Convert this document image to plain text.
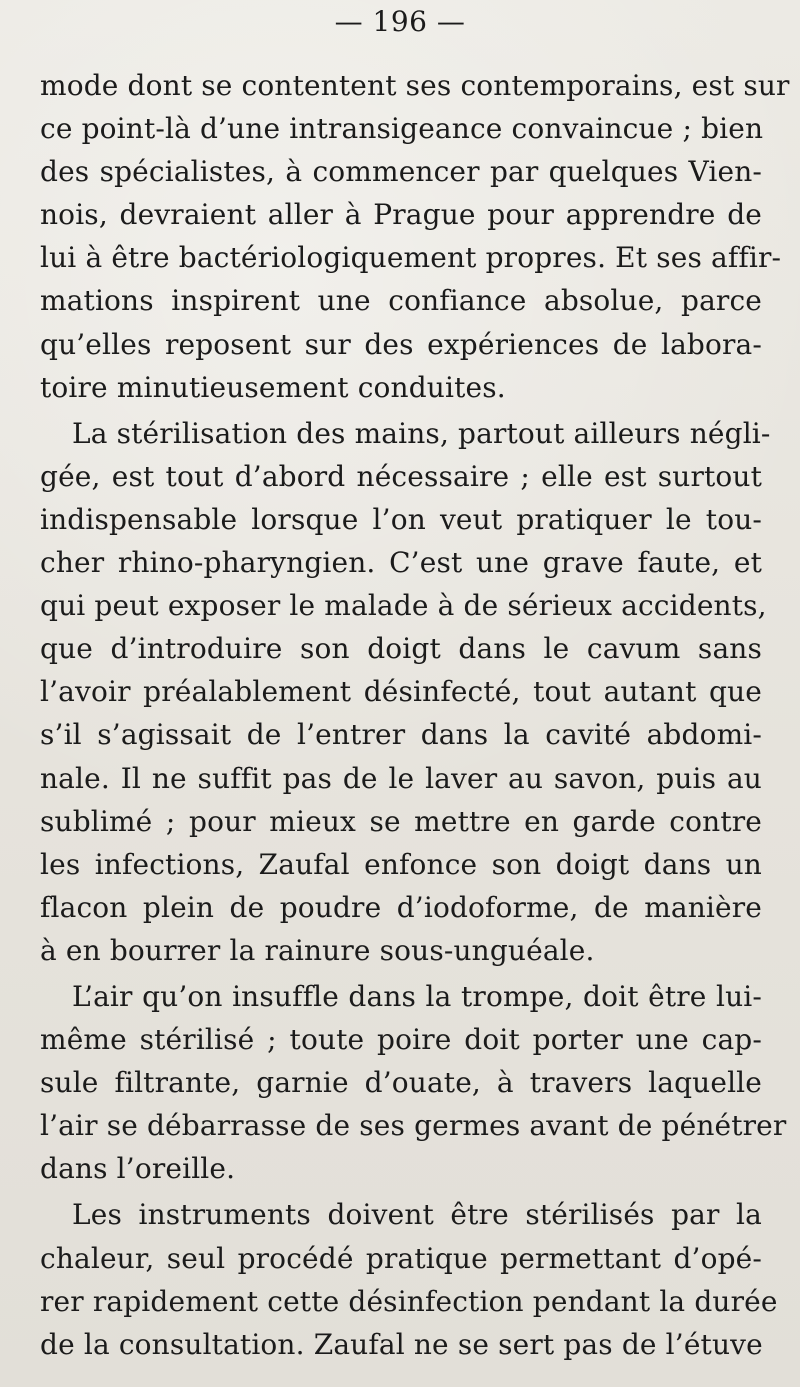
— 196 —

mode dont se contentent ses contemporains, est sur
ce point-là d’une intransigeance convaincue ; bien
des spécialistes, à commencer par quelques Vien-
nois, devraient aller à Prague pour apprendre de
lui à être bactériologiquement propres. Et ses affir-
mations inspirent une confiance absolue, parce
qu’elles reposent sur des expériences de labora-
toire minutieusement conduites.

La stérilisation des mains, partout ailleurs négli-
gée, est tout d’abord nécessaire ; elle est surtout
indispensable lorsque l’on veut pratiquer le tou-
cher rhino-pharyngien. C’est une grave faute, et
qui peut exposer le malade à de sérieux accidents,
que d’introduire son doigt dans le cavum sans
l’avoir préalablement désinfecté, tout autant que
s’il s’agissait de l’entrer dans la cavité abdomi-
nale. Il ne suffit pas de le laver au savon, puis au
sublimé ; pour mieux se mettre en garde contre
les infections, Zaufal enfonce son doigt dans un
flacon plein de poudre d’iodoforme, de manière
à en bourrer la rainure sous-unguéale.

L’air qu’on insuffle dans la trompe, doit être lui-
même stérilisé ; toute poire doit porter une cap-
sule filtrante, garnie d’ouate, à travers laquelle
l’air se débarrasse de ses germes avant de pénétrer
dans l’oreille.

Les instruments doivent être stérilisés par la
chaleur, seul procédé pratique permettant d’opé-
rer rapidement cette désinfection pendant la durée
de la consultation. Zaufal ne se sert pas de l’étuve
